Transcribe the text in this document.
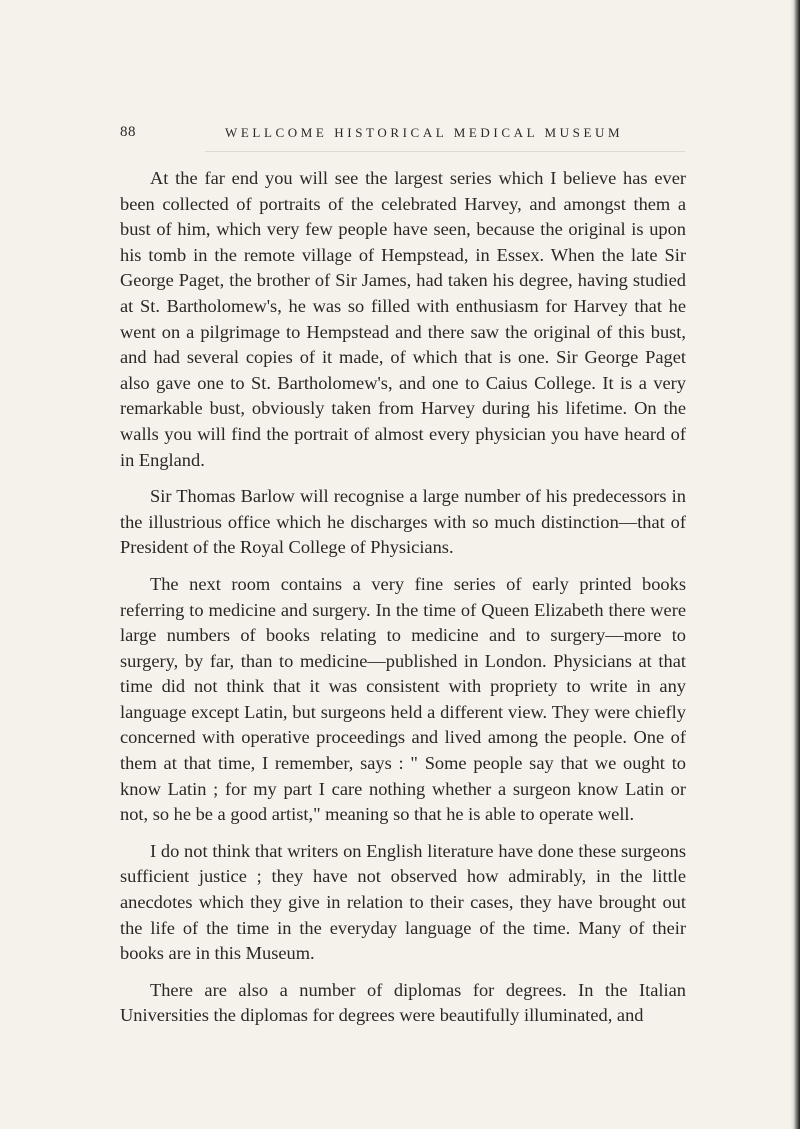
88	WELLCOME HISTORICAL MEDICAL MUSEUM

At the far end you will see the largest series which I believe has ever been collected of portraits of the celebrated Harvey, and amongst them a bust of him, which very few people have seen, because the original is upon his tomb in the remote village of Hempstead, in Essex. When the late Sir George Paget, the brother of Sir James, had taken his degree, having studied at St. Bartholomew's, he was so filled with enthusiasm for Harvey that he went on a pilgrimage to Hempstead and there saw the original of this bust, and had several copies of it made, of which that is one. Sir George Paget also gave one to St. Bartholomew's, and one to Caius College. It is a very remarkable bust, obviously taken from Harvey during his lifetime. On the walls you will find the portrait of almost every physician you have heard of in England.

Sir Thomas Barlow will recognise a large number of his predecessors in the illustrious office which he discharges with so much distinction—that of President of the Royal College of Physicians.

The next room contains a very fine series of early printed books referring to medicine and surgery. In the time of Queen Elizabeth there were large numbers of books relating to medicine and to surgery—more to surgery, by far, than to medicine—published in London. Physicians at that time did not think that it was consistent with propriety to write in any language except Latin, but surgeons held a different view. They were chiefly concerned with operative proceedings and lived among the people. One of them at that time, I remember, says : " Some people say that we ought to know Latin ; for my part I care nothing whether a surgeon know Latin or not, so he be a good artist," meaning so that he is able to operate well.

I do not think that writers on English literature have done these surgeons sufficient justice ; they have not observed how admirably, in the little anecdotes which they give in relation to their cases, they have brought out the life of the time in the everyday language of the time. Many of their books are in this Museum.

There are also a number of diplomas for degrees. In the Italian Universities the diplomas for degrees were beautifully illuminated, and
